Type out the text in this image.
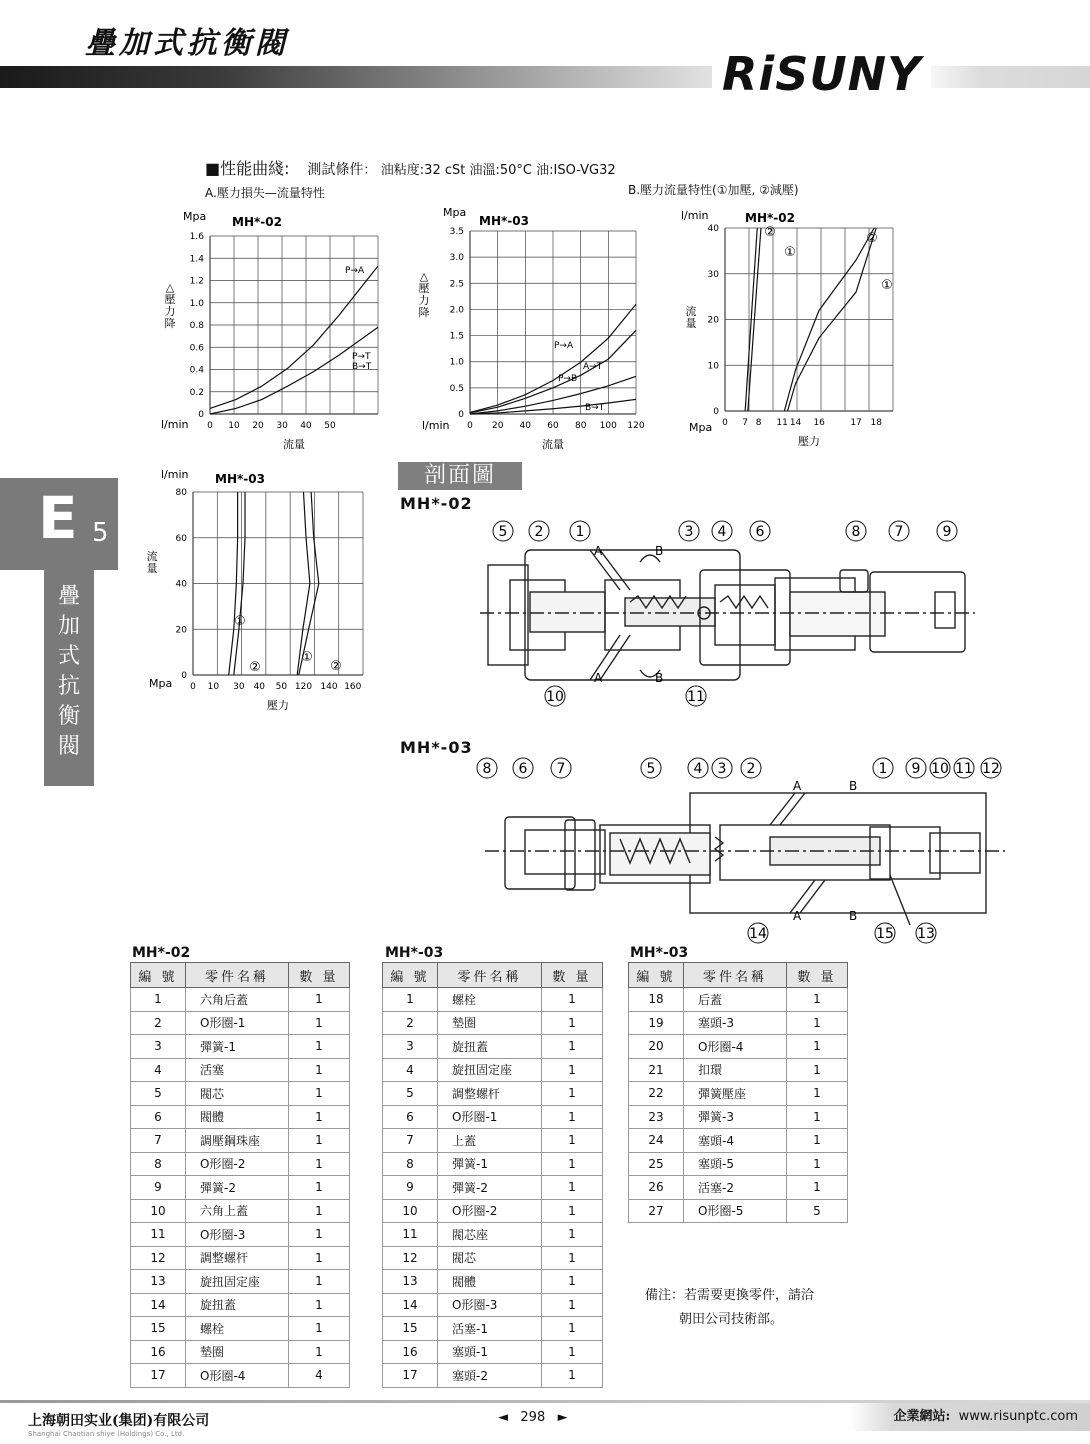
疊加式抗衡閥
RiSUNY
■性能曲綫: 測試條件： 油粘度:32 cSt 油溫:50°C 油:ISO-VG32
A.壓力損失—流量特性	B.壓力流量特性(①加壓, ②減壓)
0
0.2
0.4
0.6
0.8
1.0
1.2
1.4
1.6
0 10 20 30 40 50
Mpa
l/min
MH*-02
流量
△
壓
力
降
P→A
P→T
B→T
0
0.5
1.0
1.5
2.0
2.5
3.0
3.5
0 20 40 60 80 100 120
Mpa
l/min
MH*-03
流量
△
壓
力
降
P→A
A→T
P→B
B→T	0
10
20
30
40
0 7 8 11 14 16	17 18
l/min
Mpa
MH*-02
壓力
流
量
②
①
②
①
0
20
40
60
80
0 10 30 40 50 120 140 160
l/min
Mpa
MH*-03
壓力
流
量
①
②
①
②
E 5
疊
加
式
抗
衡
閥
剖面圖
MH*-02
MH*-03
5 2 1	3 4 6	8 7	9
10	11
A	B
A	B
8 6 7	5	4 3 2	1 9 10 11 12
14	15 13
A	B
A	B
MH*-02
編 號	零件名稱	數 量
1	六角后蓋	1
2	O形圈-1	1
3	彈簧-1	1
4	活塞	1
5	閥芯	1
6	閥體	1
7	調壓鋼珠座	1
8	O形圈-2	1
9	彈簧-2	1
10	六角上蓋	1
11	O形圈-3	1
12	調整螺杆	1
13	旋扭固定座	1
14	旋扭蓋	1
15	螺栓	1
16	墊圈	1
17	O形圈-4	4
MH*-03
編 號	零件名稱	數 量
1	螺栓	1
2	墊圈	1
3	旋扭蓋	1
4	旋扭固定座	1
5	調整螺杆	1
6	O形圈-1	1
7	上蓋	1
8	彈簧-1	1
9	彈簧-2	1
10	O形圈-2	1
11	閥芯座	1
12	閥芯	1
13	閥體	1
14	O形圈-3	1
15	活塞-1	1
16	塞頭-1	1
17	塞頭-2	1
MH*-03
編 號	零件名稱	數 量
18	后蓋	1
19	塞頭-3	1
20	O形圈-4	1
21	扣環	1
22	彈簧壓座	1
23	彈簧-3	1
24	塞頭-4	1
25	塞頭-5	1
26	活塞-2	1
27	O形圈-5	5
備注：若需要更換零件，請洽
朝田公司技術部。
上海朝田实业(集团)有限公司
Shanghai Chaotian shiye (Holdings) Co., Ltd.
◄ 298 ►	企業網站: www.risunptc.com
